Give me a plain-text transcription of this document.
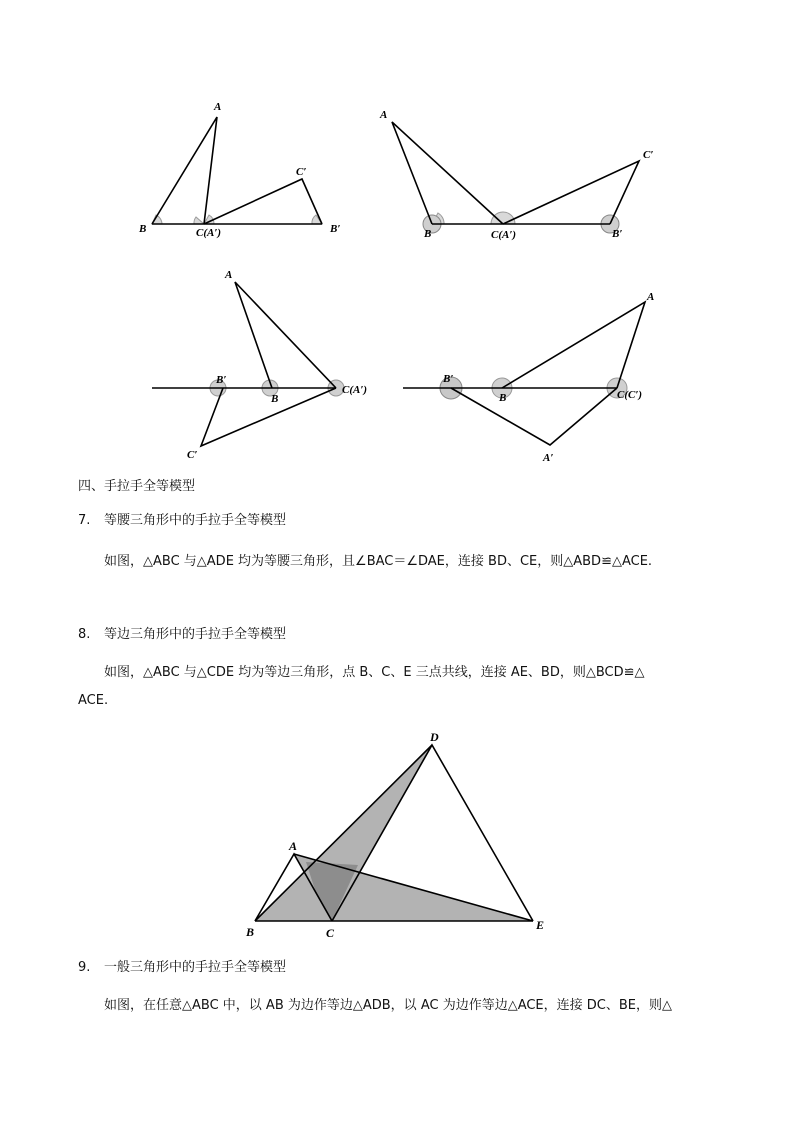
A
B	C(A′)	B′
C′
A
B	C(A′)	B′
C′
A
B
C(A′)
B′
C′
A
B	C(C′)
B′
A′
四、手拉手全等模型
7. 等腰三角形中的手拉手全等模型
如图，△ABC 与△ADE 均为等腰三角形，且∠BAC＝∠DAE，连接 BD、CE，则△ABD≌△ACE.
8. 等边三角形中的手拉手全等模型
如图，△ABC 与△CDE 均为等边三角形，点 B、C、E 三点共线，连接 AE、BD，则△BCD≌△
ACE.
A
B	C
D
E
9. 一般三角形中的手拉手全等模型
如图，在任意△ABC 中，以 AB 为边作等边△ADB，以 AC 为边作等边△ACE，连接 DC、BE，则△
